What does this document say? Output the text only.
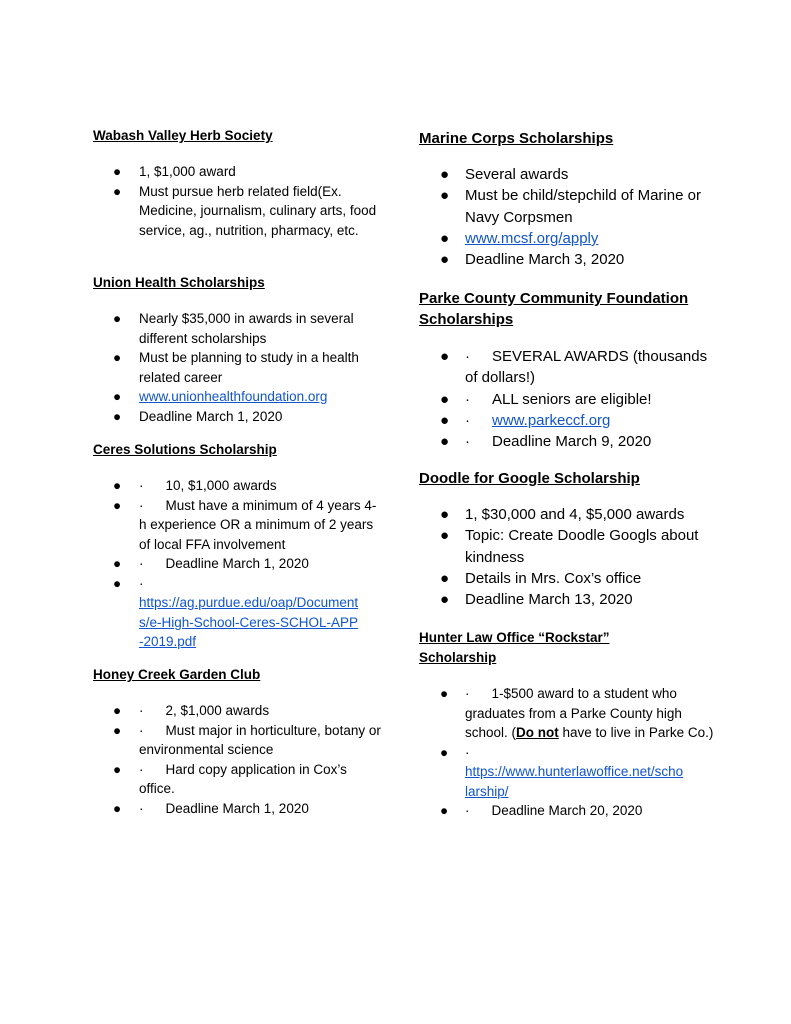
Wabash Valley Herb Society
● 1, $1,000 award
● Must pursue herb related field(Ex. Medicine, journalism, culinary arts, food service, ag., nutrition, pharmacy, etc.
Union Health Scholarships
● Nearly $35,000 in awards in several different scholarships
● Must be planning to study in a health related career
● www.unionhealthfoundation.org
● Deadline March 1, 2020
Ceres Solutions Scholarship
● · 10, $1,000 awards
● · Must have a minimum of 4 years 4-h experience OR a minimum of 2 years of local FFA involvement
● · Deadline March 1, 2020
● ·

https://ag.purdue.edu/oap/Document
s/e-High-School-Ceres-SCHOL-APP
-2019.pdf
Honey Creek Garden Club
● · 2, $1,000 awards
● · Must major in horticulture, botany or environmental science
● · Hard copy application in Cox’s office.
● · Deadline March 1, 2020
Marine Corps Scholarships
● Several awards
● Must be child/stepchild of Marine or Navy Corpsmen
● www.mcsf.org/apply
● Deadline March 3, 2020
Parke County Community Foundation
Scholarships
● · SEVERAL AWARDS (thousands of dollars!)
● · ALL seniors are eligible!
● · www.parkeccf.org
● · Deadline March 9, 2020
Doodle for Google Scholarship
● 1, $30,000 and 4, $5,000 awards
● Topic: Create Doodle Googls about kindness
● Details in Mrs. Cox’s office
● Deadline March 13, 2020
Hunter Law Office “Rockstar”
Scholarship
● · 1-$500 award to a student who graduates from a Parke County high school. (Do not have to live in Parke Co.)
● ·

https://www.hunterlawoffice.net/scho
larship/
● · Deadline March 20, 2020
